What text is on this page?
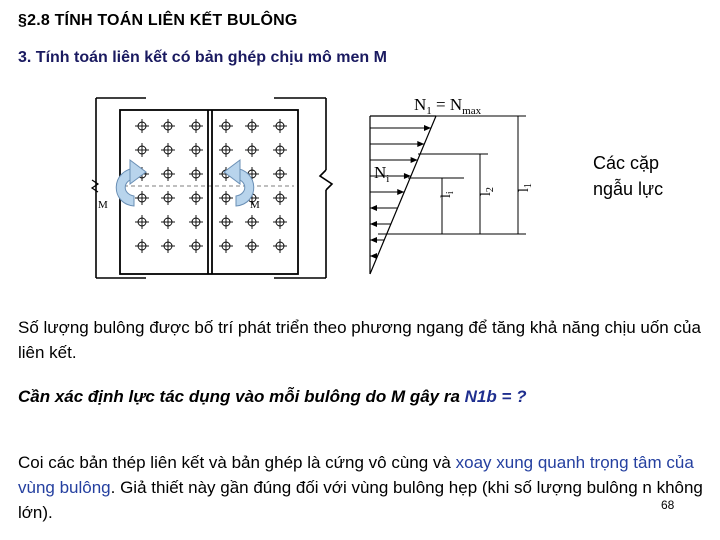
§2.8 TÍNH TOÁN LIÊN KẾT BULÔNG
3. Tính toán liên kết có bản ghép chịu mô men M
M	M
$N_1 = N_{max}$
$N_i$
$l_i$ $l_2$ $l_1$
Các cặp
ngẫu lực
Số lượng bulông được bố trí phát triển theo phương ngang để tăng khả năng chịu uốn của liên kết.
Cần xác định lực tác dụng vào mỗi bulông do M gây ra N1b = ?
Coi các bản thép liên kết và bản ghép là cứng vô cùng và xoay xung quanh trọng tâm của vùng bulông. Giả thiết này gần đúng đối với vùng bulông hẹp (khi số lượng bulông n không lớn).	68
